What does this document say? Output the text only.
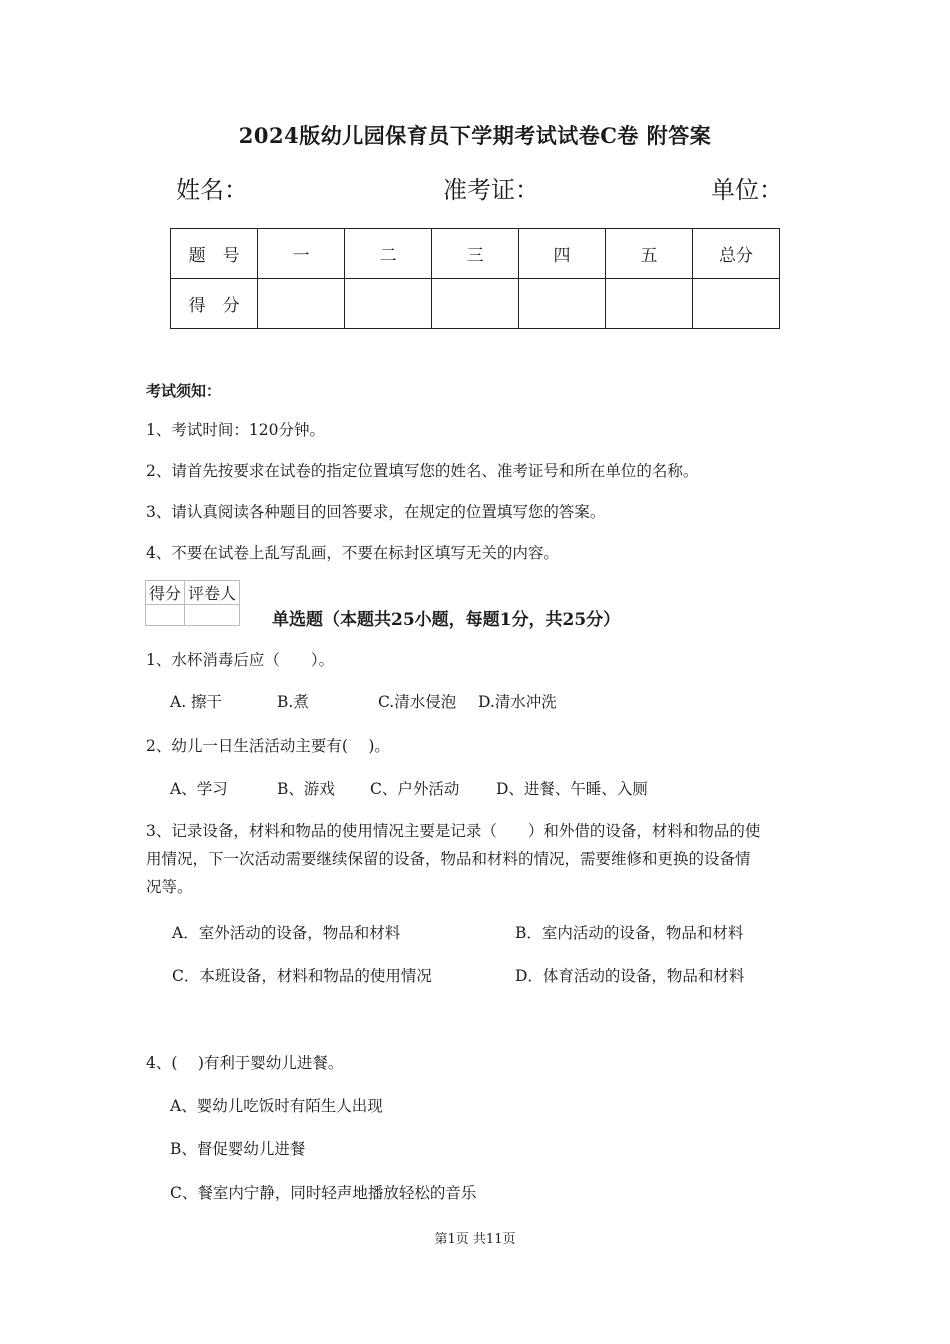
2024版幼儿园保育员下学期考试试卷C卷 附答案
姓名：	准考证：	单位：
题　号	一	二	三	四	五	总分
得　分						
考试须知：
1、考试时间：120分钟。
2、请首先按要求在试卷的指定位置填写您的姓名、准考证号和所在单位的名称。
3、请认真阅读各种题目的回答要求，在规定的位置填写您的答案。
4、不要在试卷上乱写乱画，不要在标封区填写无关的内容。
得分	评卷人

单选题（本题共25小题，每题1分，共25分）
1、水杯消毒后应（　　）。
A. 擦干	B.煮	C.清水侵泡 D.清水冲洗
2、幼儿一日生活活动主要有(　 )。
A、学习	B、游戏 C、户外活动 D、进餐、午睡、入厕
3、记录设备，材料和物品的使用情况主要是记录（　　）和外借的设备，材料和物品的使
用情况，下一次活动需要继续保留的设备，物品和材料的情况，需要维修和更换的设备情
况等。
A．室外活动的设备，物品和材料	B．室内活动的设备，物品和材料
C．本班设备，材料和物品的使用情况	D．体育活动的设备，物品和材料
4、(　 )有利于婴幼儿进餐。
A、婴幼儿吃饭时有陌生人出现
B、督促婴幼儿进餐
C、餐室内宁静，同时轻声地播放轻松的音乐
第1页 共11页
